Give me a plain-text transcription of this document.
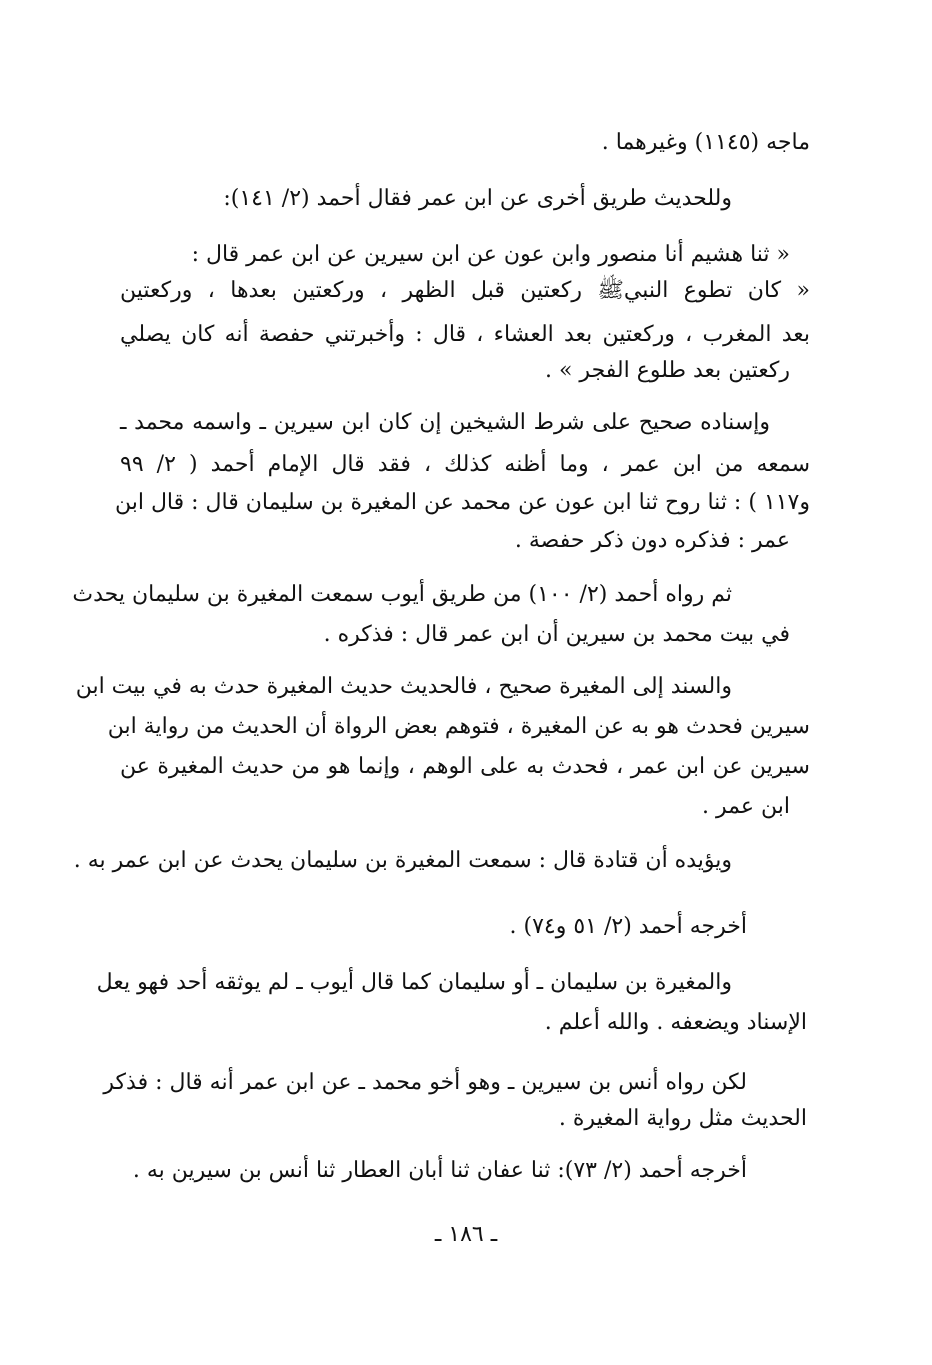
ماجه (١١٤٥) وغيرهما .
وللحديث طريق أخرى عن ابن عمر فقال أحمد (٢/ ١٤١):
« ثنا هشيم أنا منصور وابن عون عن ابن سيرين عن ابن عمر قال :
« كان تطوع النبيﷺ ركعتين قبل الظهر ، وركعتين بعدها ، وركعتين
بعد المغرب ، وركعتين بعد العشاء ، قال : وأخبرتني حفصة أنه كان يصلي
ركعتين بعد طلوع الفجر » .
وإسناده صحيح على شرط الشيخين إن كان ابن سيرين ـ واسمه محمد ـ
سمعه من ابن عمر ، وما أظنه كذلك ، فقد قال الإمام أحمد ( ٢/ ٩٩
و١١٧ ) : ثنا روح ثنا ابن عون عن محمد عن المغيرة بن سليمان قال : قال ابن
عمر : فذكره دون ذكر حفصة .
ثم رواه أحمد (٢/ ١٠٠) من طريق أيوب سمعت المغيرة بن سليمان يحدث
في بيت محمد بن سيرين أن ابن عمر قال : فذكره .
والسند إلى المغيرة صحيح ، فالحديث حديث المغيرة حدث به في بيت ابن
سيرين فحدث هو به عن المغيرة ، فتوهم بعض الرواة أن الحديث من رواية ابن
سيرين عن ابن عمر ، فحدث به على الوهم ، وإنما هو من حديث المغيرة عن
ابن عمر .
ويؤيده أن قتادة قال : سمعت المغيرة بن سليمان يحدث عن ابن عمر به .
أخرجه أحمد (٢/ ٥١ و٧٤) .
والمغيرة بن سليمان ـ أو سليمان كما قال أيوب ـ لم يوثقه أحد فهو يعل
الإسناد ويضعفه . والله أعلم .
لكن رواه أنس بن سيرين ـ وهو أخو محمد ـ عن ابن عمر أنه قال : فذكر
الحديث مثل رواية المغيرة .
أخرجه أحمد (٢/ ٧٣): ثنا عفان ثنا أبان العطار ثنا أنس بن سيرين به .
ـ ١٨٦ ـ
